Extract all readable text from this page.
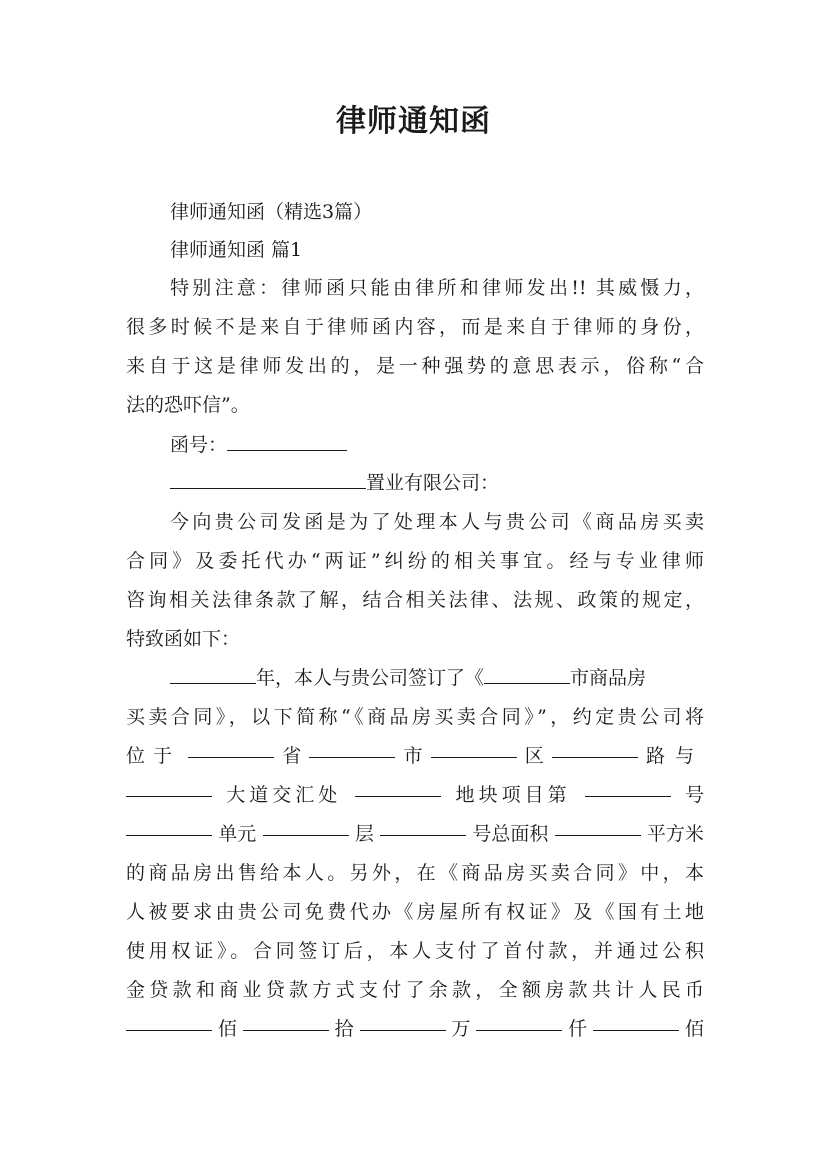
律师通知函
律师通知函（精选3篇）
律师通知函 篇1
特别注意：律师函只能由律所和律师发出!! 其威慑力，
很多时候不是来自于律师函内容，而是来自于律师的身份，
来自于这是律师发出的，是一种强势的意思表示，俗称“合
法的恐吓信”。
函号：
置业有限公司：
今向贵公司发函是为了处理本人与贵公司《商品房买卖
合同》及委托代办“两证”纠纷的相关事宜。经与专业律师
咨询相关法律条款了解，结合相关法律、法规、政策的规定，
特致函如下：
年，本人与贵公司签订了《	市商品房
买卖合同》，以下简称“《商品房买卖合同》”，约定贵公司将
位于	省	市	区	路与
大道交汇处	地块项目第	号
单元	层	号总面积	平方米
的商品房出售给本人。另外，在《商品房买卖合同》中，本
人被要求由贵公司免费代办《房屋所有权证》及《国有土地
使用权证》。合同签订后，本人支付了首付款，并通过公积
金贷款和商业贷款方式支付了余款，全额房款共计人民币
佰	拾	万	仟	佰
